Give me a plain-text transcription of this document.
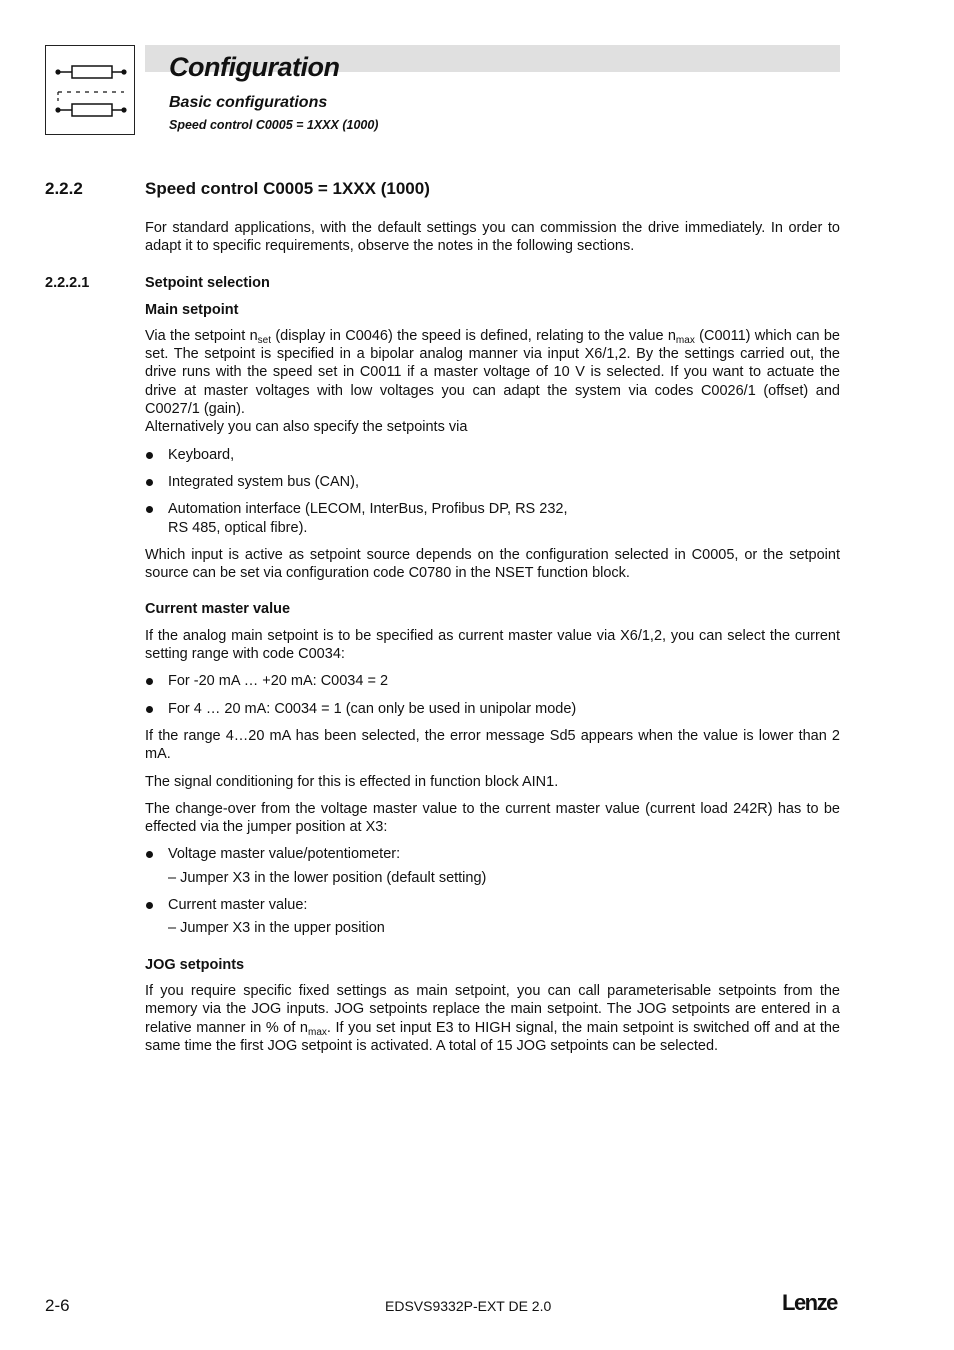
Configuration
Basic configurations
Speed control C0005 = 1XXX (1000)
2.2.2	Speed control C0005 = 1XXX (1000)
2.2.2.1	Setpoint selection

For standard applications, with the default settings you can commission the drive immediately. In order to adapt it to specific requirements, observe the notes in the following sections.

Main setpoint

Via the setpoint $n_{set}$ (display in C0046) the speed is defined, relating to the value $n_{max}$ (C0011) which can be set. The setpoint is specified in a bipolar analog manner via input X6/1,2. By the settings carried out, the drive runs with the speed set in C0011 if a master voltage of 10 V is selected. If you want to actuate the drive at master voltages with low voltages you can adapt the system via codes C0026/1 (offset) and C0027/1 (gain).

Alternatively you can also specify the setpoints via

Keyboard,
Integrated system bus (CAN),
Automation interface (LECOM, InterBus, Profibus DP, RS 232,
RS 485, optical fibre).

Which input is active as setpoint source depends on the configuration selected in C0005, or the setpoint source can be set via configuration code C0780 in the NSET function block.

Current master value

If the analog main setpoint is to be specified as current master value via X6/1,2, you can select the current setting range with code C0034:

For -20 mA … +20 mA: C0034 = 2
For 4 … 20 mA: C0034 = 1 (can only be used in unipolar mode)

If the range 4…20 mA has been selected, the error message Sd5 appears when the value is lower than 2 mA.

The signal conditioning for this is effected in function block AIN1.

The change-over from the voltage master value to the current master value (current load 242R) has to be effected via the jumper position at X3:

Voltage master value/potentiometer:
– Jumper X3 in the lower position (default setting)
Current master value:
– Jumper X3 in the upper position

JOG setpoints

If you require specific fixed settings as main setpoint, you can call parameterisable setpoints from the memory via the JOG inputs. JOG setpoints replace the main setpoint. The JOG setpoints are entered in a relative manner in % of $n_{max}$. If you set input E3 to HIGH signal, the main setpoint is switched off and at the same time the first JOG setpoint is activated. A total of 15 JOG setpoints can be selected.

2-6	EDSVS9332P-EXT DE 2.0	Lenze
